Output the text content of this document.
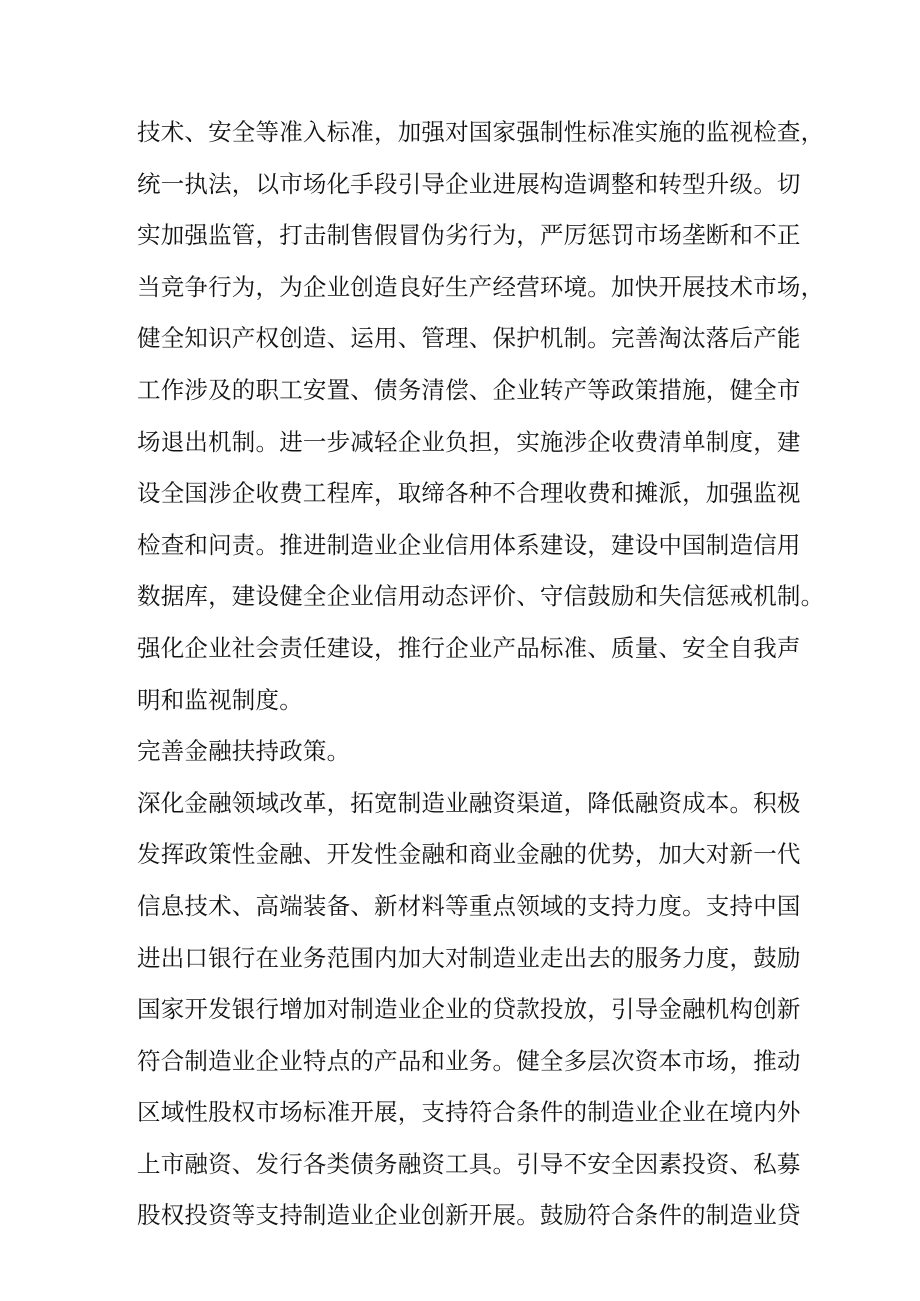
技术、安全等准入标准，加强对国家强制性标准实施的监视检查，
统一执法，以市场化手段引导企业进展构造调整和转型升级。切
实加强监管，打击制售假冒伪劣行为，严厉惩罚市场垄断和不正
当竞争行为，为企业创造良好生产经营环境。加快开展技术市场，
健全知识产权创造、运用、管理、保护机制。完善淘汰落后产能
工作涉及的职工安置、债务清偿、企业转产等政策措施，健全市
场退出机制。进一步减轻企业负担，实施涉企收费清单制度，建
设全国涉企收费工程库，取缔各种不合理收费和摊派，加强监视
检查和问责。推进制造业企业信用体系建设，建设中国制造信用
数据库，建设健全企业信用动态评价、守信鼓励和失信惩戒机制。
强化企业社会责任建设，推行企业产品标准、质量、安全自我声
明和监视制度。
完善金融扶持政策。
深化金融领域改革，拓宽制造业融资渠道，降低融资成本。积极
发挥政策性金融、开发性金融和商业金融的优势，加大对新一代
信息技术、高端装备、新材料等重点领域的支持力度。支持中国
进出口银行在业务范围内加大对制造业走出去的服务力度，鼓励
国家开发银行增加对制造业企业的贷款投放，引导金融机构创新
符合制造业企业特点的产品和业务。健全多层次资本市场，推动
区域性股权市场标准开展，支持符合条件的制造业企业在境内外
上市融资、发行各类债务融资工具。引导不安全因素投资、私募
股权投资等支持制造业企业创新开展。鼓励符合条件的制造业贷
